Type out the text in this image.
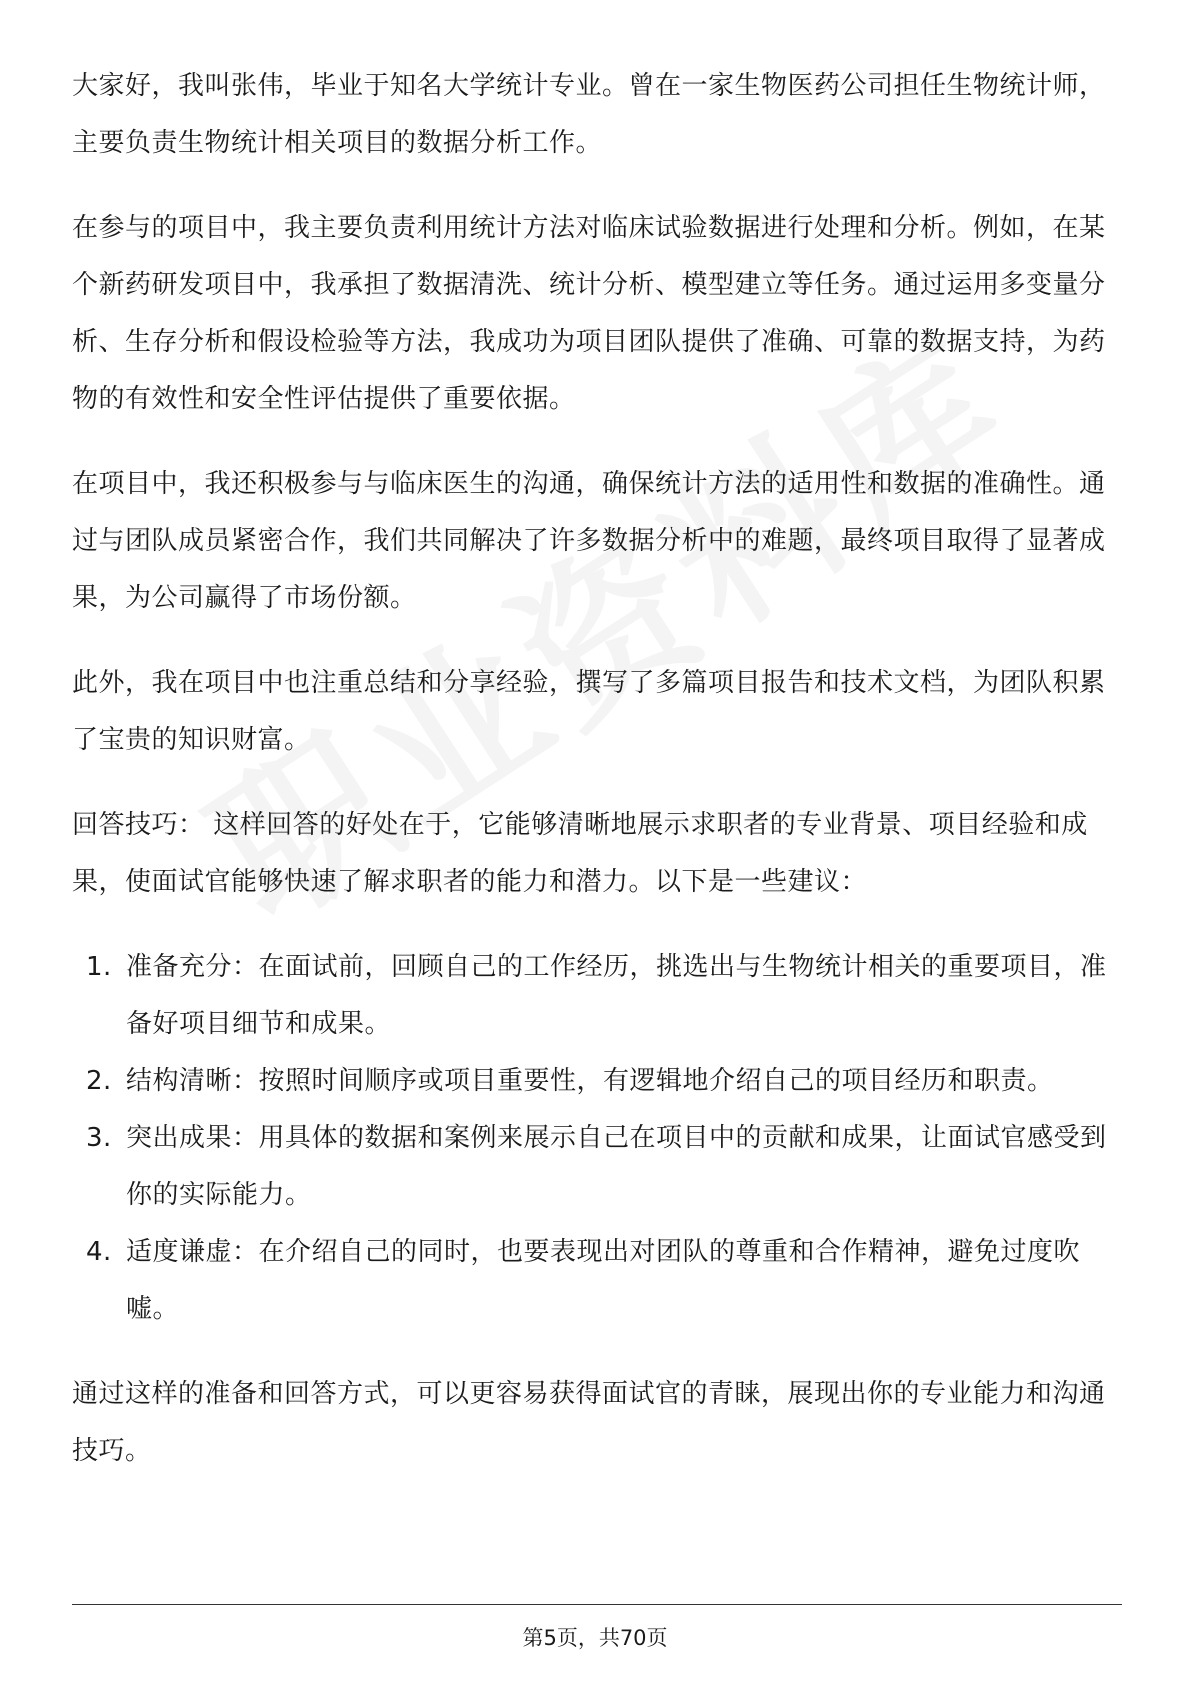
大家好，我叫张伟，毕业于知名大学统计专业。曾在一家生物医药公司担任生物统计师，主要负责生物统计相关项目的数据分析工作。

在参与的项目中，我主要负责利用统计方法对临床试验数据进行处理和分析。例如，在某个新药研发项目中，我承担了数据清洗、统计分析、模型建立等任务。通过运用多变量分析、生存分析和假设检验等方法，我成功为项目团队提供了准确、可靠的数据支持，为药物的有效性和安全性评估提供了重要依据。

在项目中，我还积极参与与临床医生的沟通，确保统计方法的适用性和数据的准确性。通过与团队成员紧密合作，我们共同解决了许多数据分析中的难题，最终项目取得了显著成果，为公司赢得了市场份额。

此外，我在项目中也注重总结和分享经验，撰写了多篇项目报告和技术文档，为团队积累了宝贵的知识财富。

回答技巧： 这样回答的好处在于，它能够清晰地展示求职者的专业背景、项目经验和成果，使面试官能够快速了解求职者的能力和潜力。以下是一些建议：

1. 准备充分：在面试前，回顾自己的工作经历，挑选出与生物统计相关的重要项目，准备好项目细节和成果。
2. 结构清晰：按照时间顺序或项目重要性，有逻辑地介绍自己的项目经历和职责。
3. 突出成果：用具体的数据和案例来展示自己在项目中的贡献和成果，让面试官感受到你的实际能力。
4. 适度谦虚：在介绍自己的同时，也要表现出对团队的尊重和合作精神，避免过度吹嘘。

通过这样的准备和回答方式，可以更容易获得面试官的青睐，展现出你的专业能力和沟通技巧。

第5页，共70页
